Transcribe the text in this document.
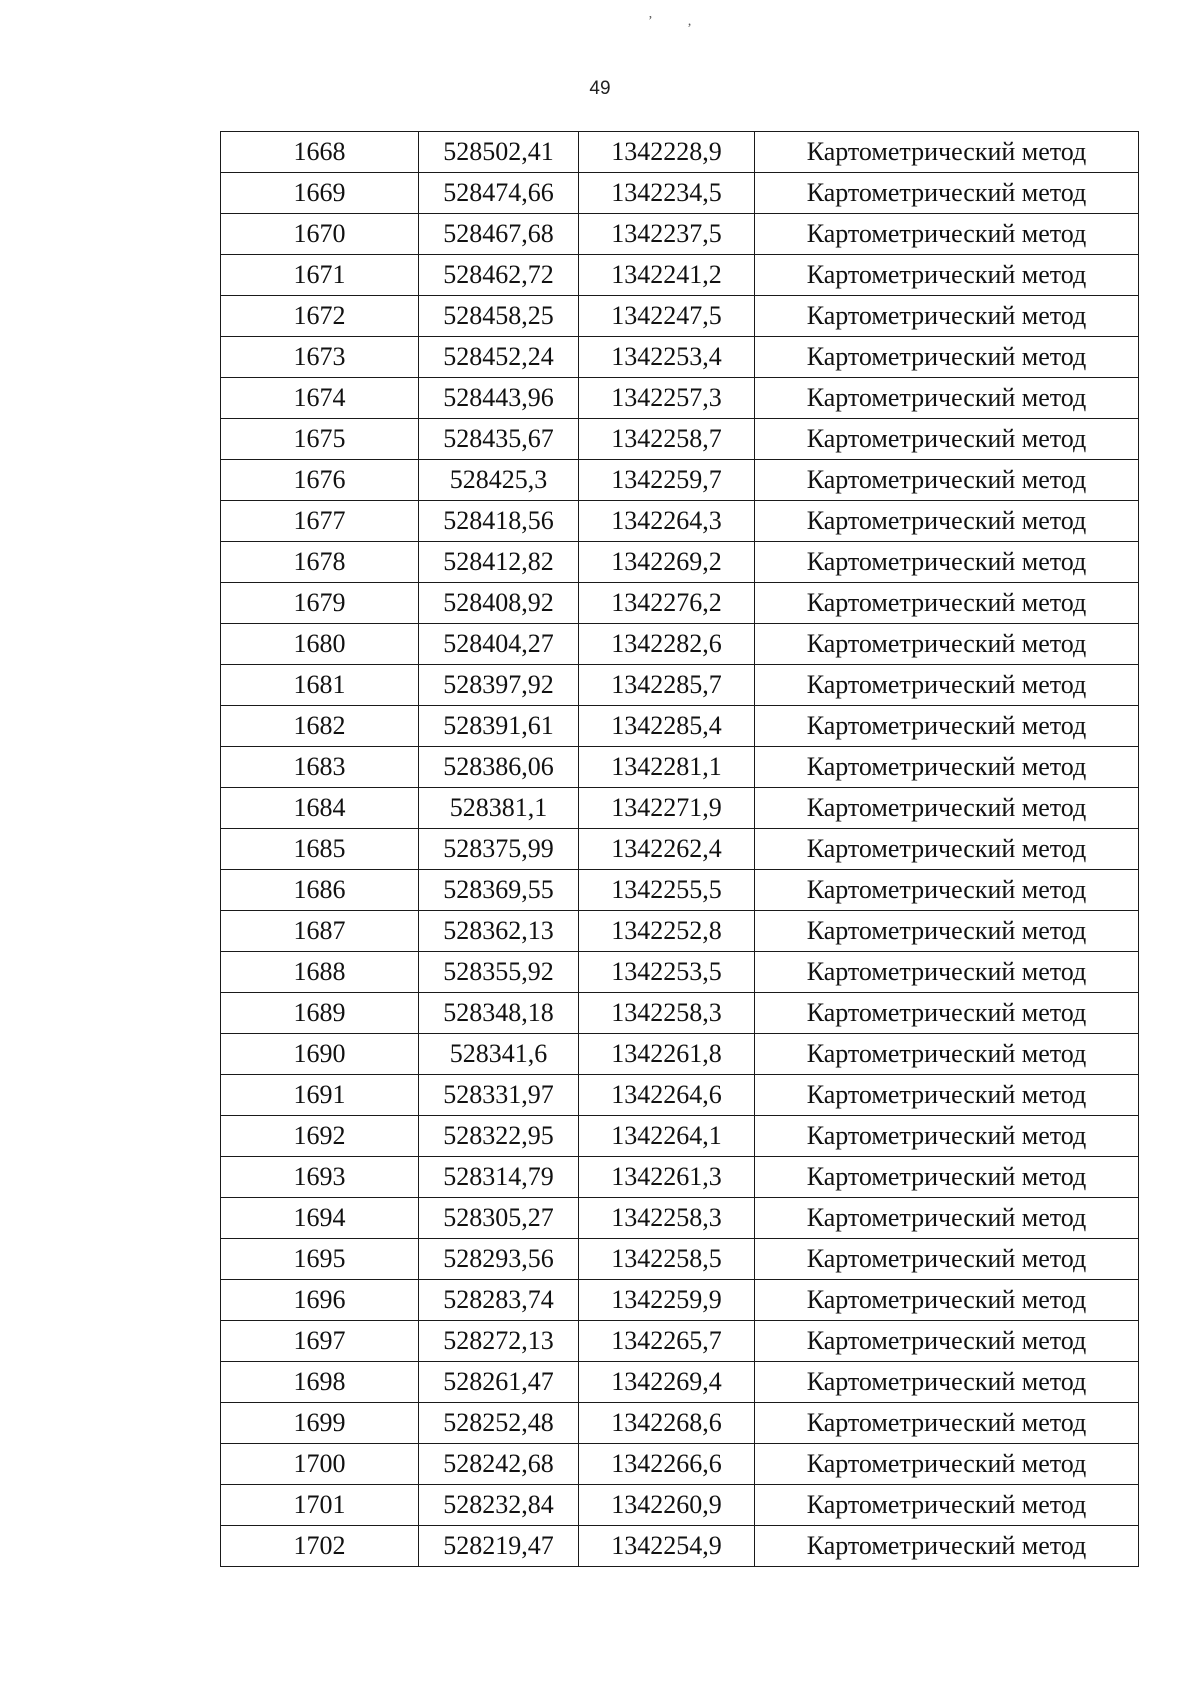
’ ‚
49
1668	528502,41	1342228,9	Картометрический метод
1669	528474,66	1342234,5	Картометрический метод
1670	528467,68	1342237,5	Картометрический метод
1671	528462,72	1342241,2	Картометрический метод
1672	528458,25	1342247,5	Картометрический метод
1673	528452,24	1342253,4	Картометрический метод
1674	528443,96	1342257,3	Картометрический метод
1675	528435,67	1342258,7	Картометрический метод
1676	528425,3	1342259,7	Картометрический метод
1677	528418,56	1342264,3	Картометрический метод
1678	528412,82	1342269,2	Картометрический метод
1679	528408,92	1342276,2	Картометрический метод
1680	528404,27	1342282,6	Картометрический метод
1681	528397,92	1342285,7	Картометрический метод
1682	528391,61	1342285,4	Картометрический метод
1683	528386,06	1342281,1	Картометрический метод
1684	528381,1	1342271,9	Картометрический метод
1685	528375,99	1342262,4	Картометрический метод
1686	528369,55	1342255,5	Картометрический метод
1687	528362,13	1342252,8	Картометрический метод
1688	528355,92	1342253,5	Картометрический метод
1689	528348,18	1342258,3	Картометрический метод
1690	528341,6	1342261,8	Картометрический метод
1691	528331,97	1342264,6	Картометрический метод
1692	528322,95	1342264,1	Картометрический метод
1693	528314,79	1342261,3	Картометрический метод
1694	528305,27	1342258,3	Картометрический метод
1695	528293,56	1342258,5	Картометрический метод
1696	528283,74	1342259,9	Картометрический метод
1697	528272,13	1342265,7	Картометрический метод
1698	528261,47	1342269,4	Картометрический метод
1699	528252,48	1342268,6	Картометрический метод
1700	528242,68	1342266,6	Картометрический метод
1701	528232,84	1342260,9	Картометрический метод
1702	528219,47	1342254,9	Картометрический метод
